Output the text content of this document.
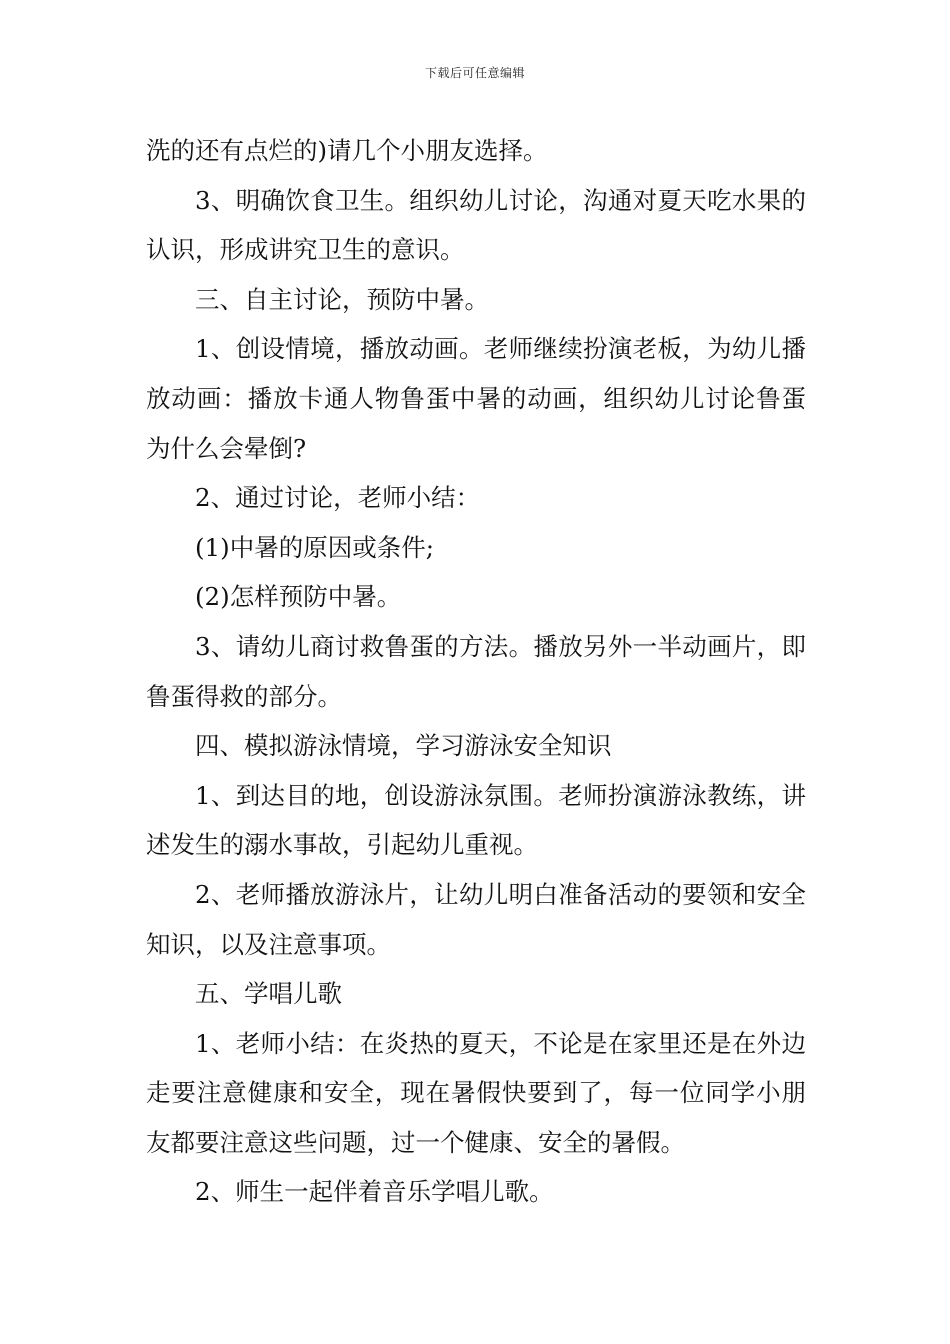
下载后可任意编辑

洗的还有点烂的)请几个小朋友选择。

3、明确饮食卫生。组织幼儿讨论，沟通对夏天吃水果的认识，形成讲究卫生的意识。

三、自主讨论，预防中暑。

1、创设情境，播放动画。老师继续扮演老板，为幼儿播放动画：播放卡通人物鲁蛋中暑的动画，组织幼儿讨论鲁蛋为什么会晕倒?

2、通过讨论，老师小结：

(1)中暑的原因或条件;

(2)怎样预防中暑。

3、请幼儿商讨救鲁蛋的方法。播放另外一半动画片，即鲁蛋得救的部分。

四、模拟游泳情境，学习游泳安全知识

1、到达目的地，创设游泳氛围。老师扮演游泳教练，讲述发生的溺水事故，引起幼儿重视。

2、老师播放游泳片，让幼儿明白准备活动的要领和安全知识，以及注意事项。

五、学唱儿歌

1、老师小结：在炎热的夏天，不论是在家里还是在外边走要注意健康和安全，现在暑假快要到了，每一位同学小朋友都要注意这些问题，过一个健康、安全的暑假。

2、师生一起伴着音乐学唱儿歌。
